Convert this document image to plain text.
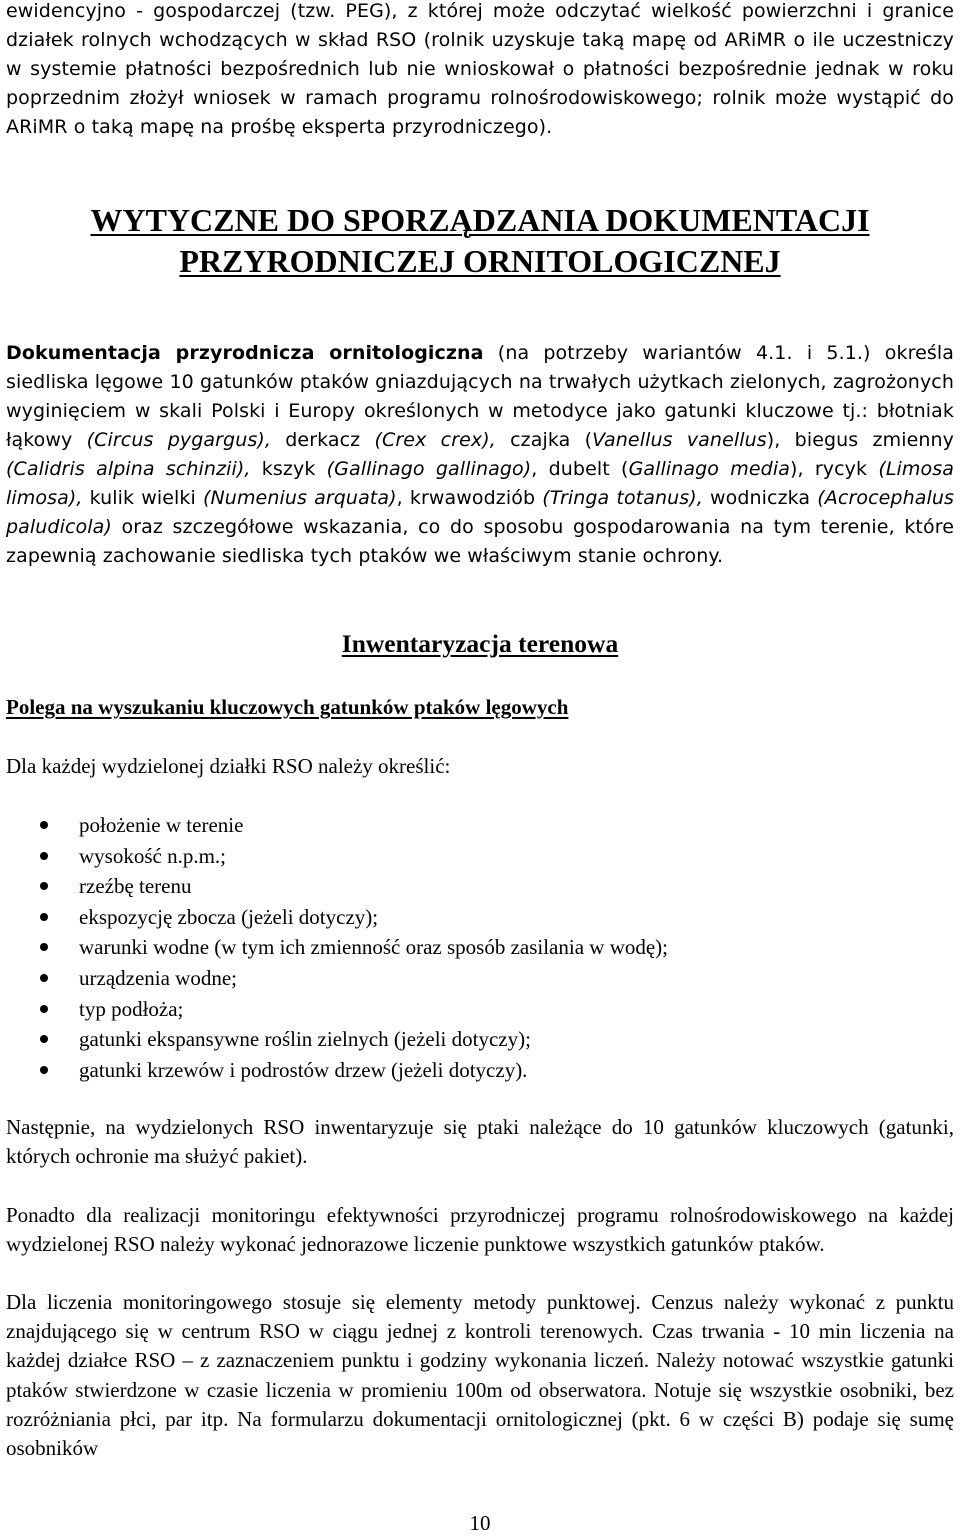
ewidencyjno - gospodarczej (tzw. PEG), z której może odczytać wielkość powierzchni i granice działek rolnych wchodzących w skład RSO (rolnik uzyskuje taką mapę od ARiMR o ile uczestniczy w systemie płatności bezpośrednich lub nie wnioskował o płatności bezpośrednie jednak w roku poprzednim złożył wniosek w ramach programu rolnośrodowiskowego; rolnik może wystąpić do ARiMR o taką mapę na prośbę eksperta przyrodniczego).

WYTYCZNE DO SPORZĄDZANIA DOKUMENTACJI
PRZYRODNICZEJ ORNITOLOGICZNEJ

Dokumentacja przyrodnicza ornitologiczna (na potrzeby wariantów 4.1. i 5.1.) określa siedliska lęgowe 10 gatunków ptaków gniazdujących na trwałych użytkach zielonych, zagrożonych wyginięciem w skali Polski i Europy określonych w metodyce jako gatunki kluczowe tj.: błotniak łąkowy (Circus pygargus), derkacz (Crex crex), czajka (Vanellus vanellus), biegus zmienny (Calidris alpina schinzii), kszyk (Gallinago gallinago), dubelt (Gallinago media), rycyk (Limosa limosa), kulik wielki (Numenius arquata), krwawodziób (Tringa totanus), wodniczka (Acrocephalus paludicola) oraz szczegółowe wskazania, co do sposobu gospodarowania na tym terenie, które zapewnią zachowanie siedliska tych ptaków we właściwym stanie ochrony.

Inwentaryzacja terenowa
Polega na wyszukaniu kluczowych gatunków ptaków lęgowych

Dla każdej wydzielonej działki RSO należy określić:

położenie w terenie
wysokość n.p.m.;
rzeźbę terenu
ekspozycję zbocza (jeżeli dotyczy);
warunki wodne (w tym ich zmienność oraz sposób zasilania w wodę);
urządzenia wodne;
typ podłoża;
gatunki ekspansywne roślin zielnych (jeżeli dotyczy);
gatunki krzewów i podrostów drzew (jeżeli dotyczy).

Następnie, na wydzielonych RSO inwentaryzuje się ptaki należące do 10 gatunków kluczowych (gatunki, których ochronie ma służyć pakiet).

Ponadto dla realizacji monitoringu efektywności przyrodniczej programu rolnośrodowiskowego na każdej wydzielonej RSO należy wykonać jednorazowe liczenie punktowe wszystkich gatunków ptaków.

Dla liczenia monitoringowego stosuje się elementy metody punktowej. Cenzus należy wykonać z punktu znajdującego się w centrum RSO w ciągu jednej z kontroli terenowych. Czas trwania - 10 min liczenia na każdej działce RSO – z zaznaczeniem punktu i godziny wykonania liczeń. Należy notować wszystkie gatunki ptaków stwierdzone w czasie liczenia w promieniu 100m od obserwatora. Notuje się wszystkie osobniki, bez rozróżniania płci, par itp. Na formularzu dokumentacji ornitologicznej (pkt. 6 w części B) podaje się sumę osobników

10
